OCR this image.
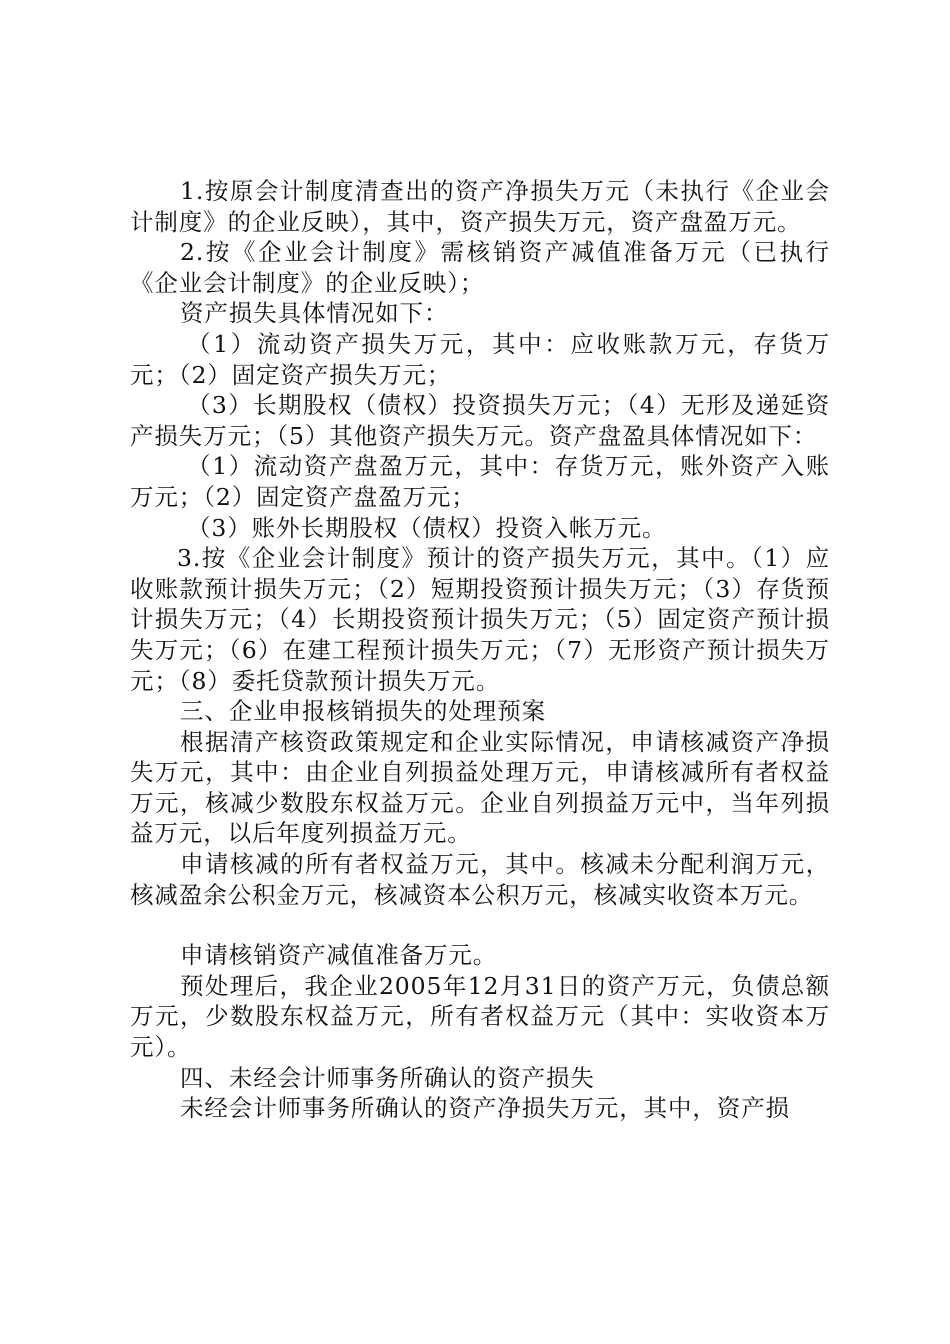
1.按原会计制度清查出的资产净损失万元（未执行《企业会计制度》的企业反映），其中，资产损失万元，资产盘盈万元。

2.按《企业会计制度》需核销资产减值准备万元（已执行《企业会计制度》的企业反映）；

资产损失具体情况如下：

（1）流动资产损失万元，其中：应收账款万元，存货万元；（2）固定资产损失万元；

（3）长期股权（债权）投资损失万元；（4）无形及递延资产损失万元；（5）其他资产损失万元。资产盘盈具体情况如下：

（1）流动资产盘盈万元，其中：存货万元，账外资产入账万元；（2）固定资产盘盈万元；

（3）账外长期股权（债权）投资入帐万元。

3.按《企业会计制度》预计的资产损失万元，其中。（1）应收账款预计损失万元；（2）短期投资预计损失万元；（3）存货预计损失万元；（4）长期投资预计损失万元；（5）固定资产预计损失万元；（6）在建工程预计损失万元；（7）无形资产预计损失万元；（8）委托贷款预计损失万元。

三、企业申报核销损失的处理预案

根据清产核资政策规定和企业实际情况，申请核减资产净损失万元，其中：由企业自列损益处理万元，申请核减所有者权益万元，核减少数股东权益万元。企业自列损益万元中，当年列损益万元，以后年度列损益万元。

申请核减的所有者权益万元，其中。核减未分配利润万元，核减盈余公积金万元，核减资本公积万元，核减实收资本万元。

申请核销资产减值准备万元。

预处理后，我企业2005年12月31日的资产万元，负债总额万元，少数股东权益万元，所有者权益万元（其中：实收资本万元）。

四、未经会计师事务所确认的资产损失

未经会计师事务所确认的资产净损失万元，其中，资产损
